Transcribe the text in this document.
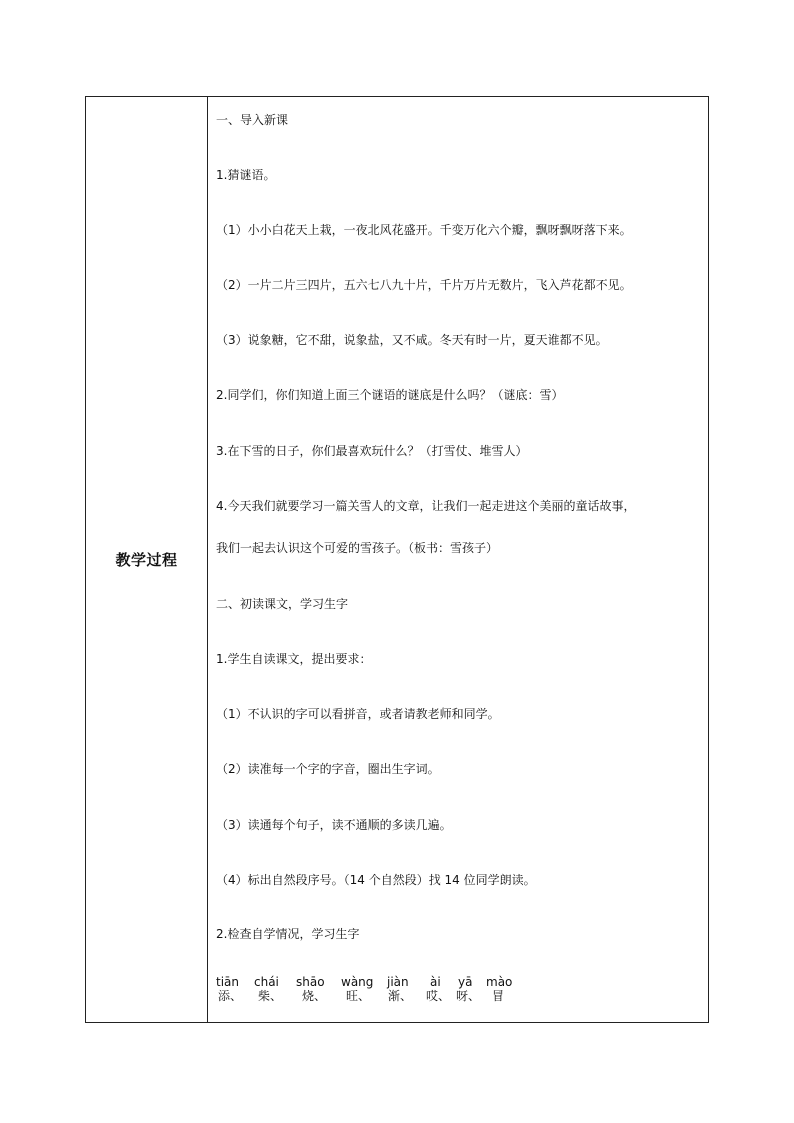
教学过程
一、导入新课
1.猜谜语。
（1）小小白花天上栽，一夜北风花盛开。千变万化六个瓣，飘呀飘呀落下来。
（2）一片二片三四片，五六七八九十片，千片万片无数片，飞入芦花都不见。
（3）说象糖，它不甜，说象盐，又不咸。冬天有时一片，夏天谁都不见。
2.同学们，你们知道上面三个谜语的谜底是什么吗？（谜底：雪）
3.在下雪的日子，你们最喜欢玩什么？（打雪仗、堆雪人）
4.今天我们就要学习一篇关雪人的文章，让我们一起走进这个美丽的童话故事，
我们一起去认识这个可爱的雪孩子。（板书：雪孩子）
二、初读课文，学习生字
1.学生自读课文，提出要求：
（1）不认识的字可以看拼音，或者请教老师和同学。
（2）读准每一个字的字音，圈出生字词。
（3）读通每个句子，读不通顺的多读几遍。
（4）标出自然段序号。（14 个自然段）找 14 位同学朗读。
2.检查自学情况，学习生字
tiān chái shāo wàng jiàn ài yā mào
添、 柴、 烧、 旺、 渐、 哎、 呀、 冒
